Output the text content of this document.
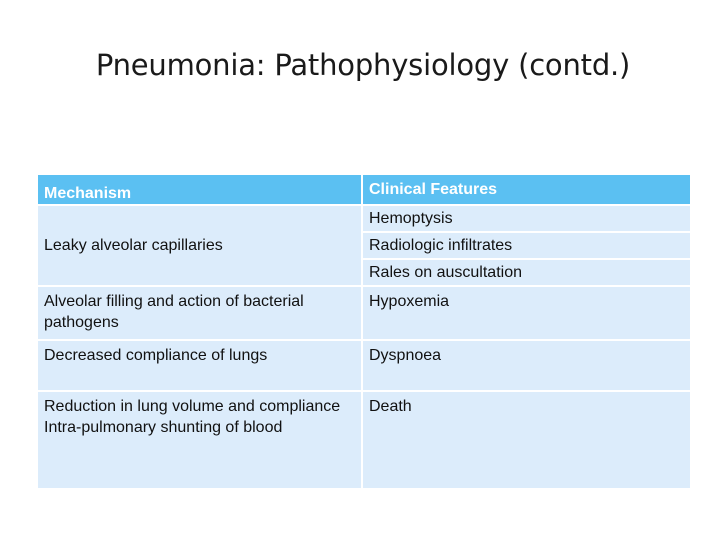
Pneumonia: Pathophysiology (contd.)
Mechanism	Clinical Features

Leaky alveolar capillaries	Hemoptysis

	Radiologic infiltrates

	Rales on auscultation

Alveolar filling and action of bacterial pathogens	Hypoxemia

Decreased compliance of lungs	Dyspnoea

Reduction in lung volume and compliance
Intra-pulmonary shunting of blood	Death
